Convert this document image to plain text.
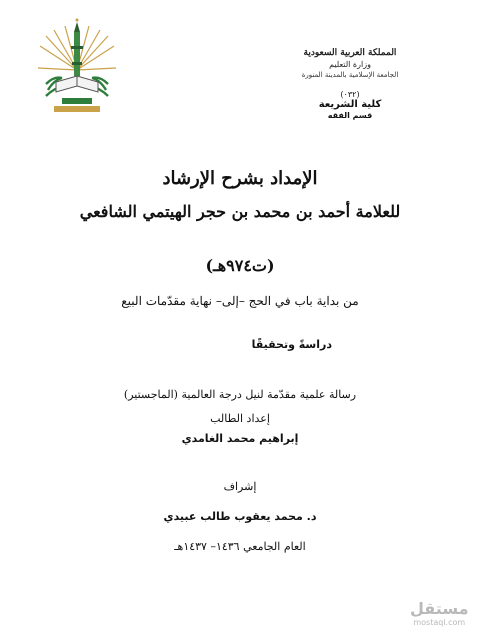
المملكة العربية السعودية
وزارة التعليم
الجامعة الإسلامية بالمدينة المنورة
(٠٣٢)
كلية الشريعة
قسم الفقه
الإمداد بشرح الإرشاد
للعلامة أحمد بن محمد بن حجر الهيتمي الشافعي
(ت٩٧٤هـ)
من بداية باب في الحج –إلى– نهاية مقدّمات البيع
دراسةً وتحقيقًا
رسالة علمية مقدّمة لنيل درجة العالمية (الماجستير)
إعداد الطالب
إبراهيم محمد الغامدي
إشراف
د. محمد يعقوب طالب عبيدي
العام الجامعي ١٤٣٦– ١٤٣٧هـ
مستقل
mostaql.com
